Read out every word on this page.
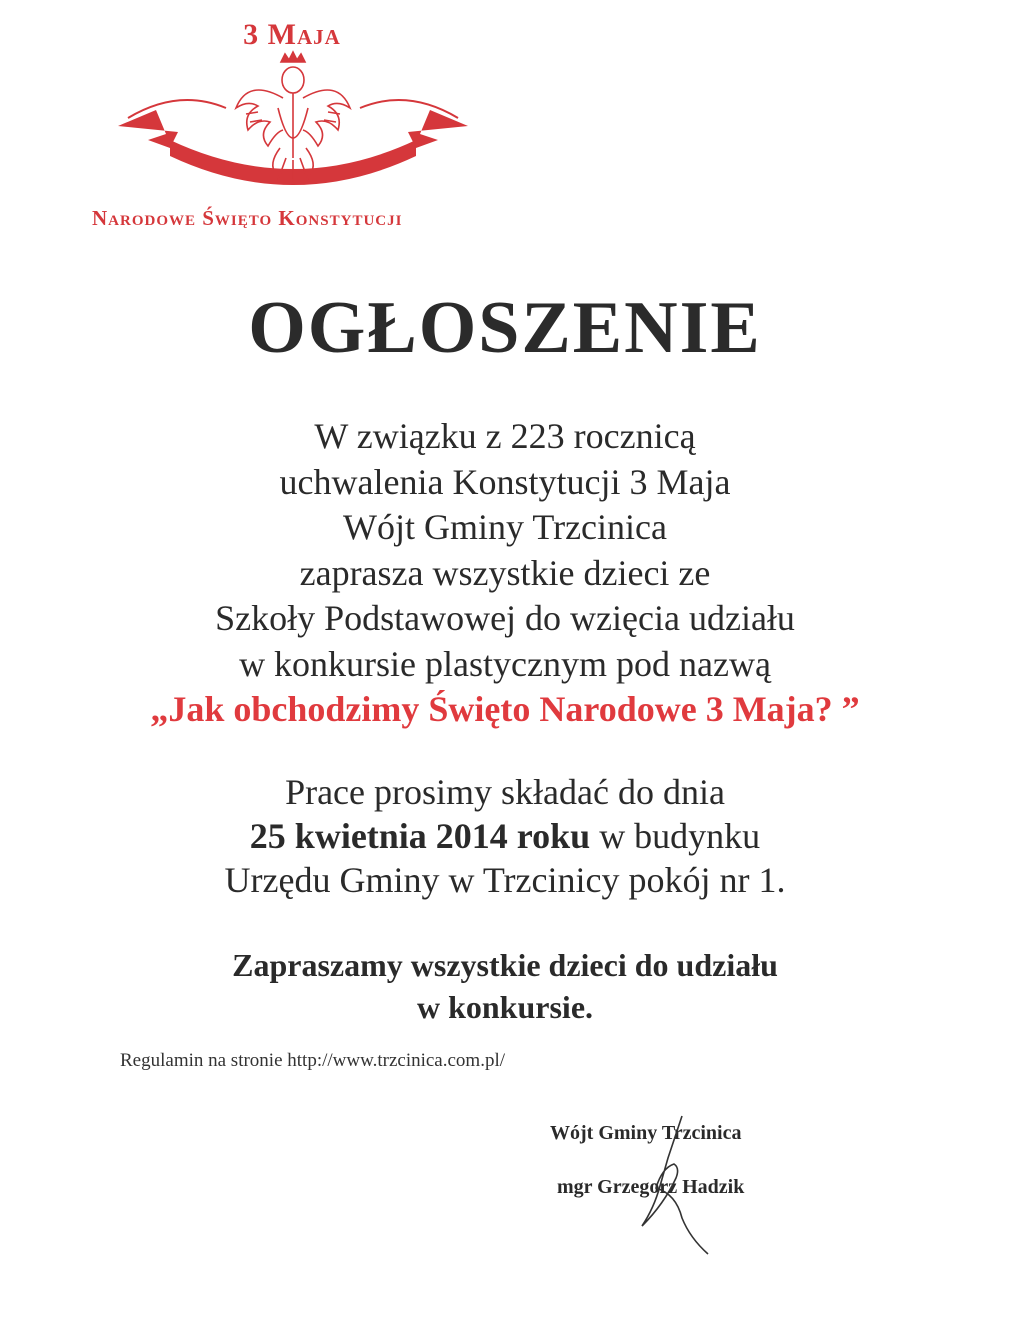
3 Maja
Narodowe Święto Konstytucji
OGŁOSZENIE
W związku z 223 rocznicą
uchwalenia Konstytucji 3 Maja
Wójt Gminy Trzcinica
zaprasza wszystkie dzieci ze
Szkoły Podstawowej do wzięcia udziału
w konkursie plastycznym pod nazwą
„Jak obchodzimy Święto Narodowe 3 Maja? ”
Prace prosimy składać do dnia
25 kwietnia 2014 roku w budynku
Urzędu Gminy w Trzcinicy pokój nr 1.
Zapraszamy wszystkie dzieci do udziału
w konkursie.
Regulamin na stronie http://www.trzcinica.com.pl/
Wójt Gminy Trzcinica
mgr Grzegorz Hadzik
